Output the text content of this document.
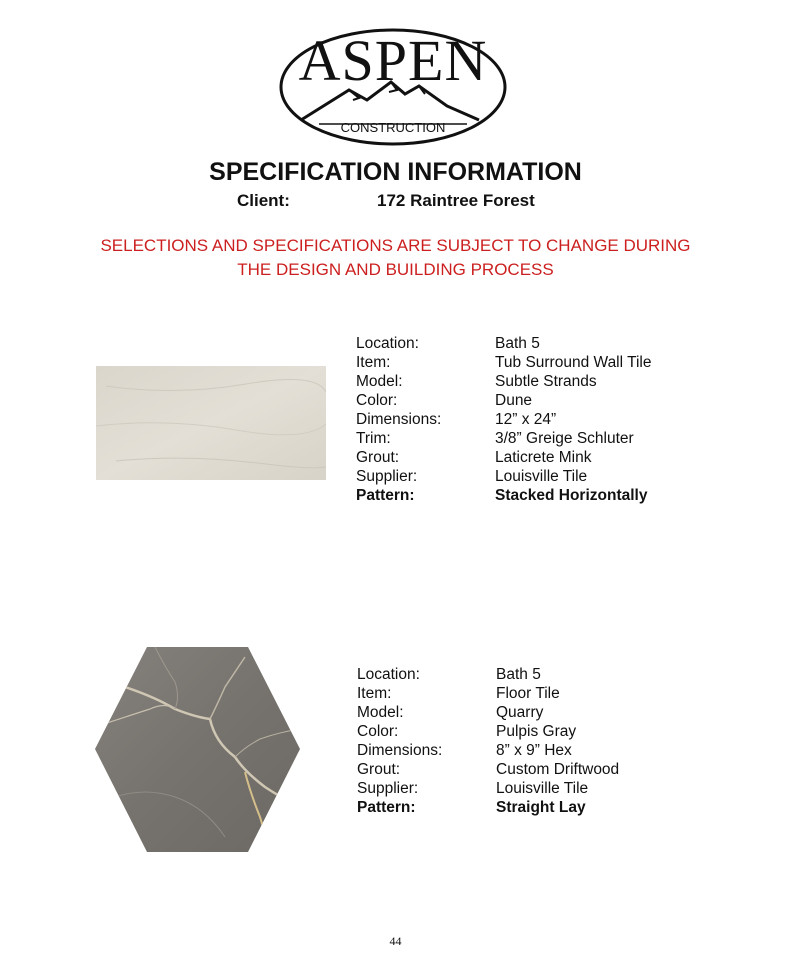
ASPEN
CONSTRUCTION
SPECIFICATION INFORMATION
Client:	172 Raintree Forest
SELECTIONS AND SPECIFICATIONS ARE SUBJECT TO CHANGE DURING
THE DESIGN AND BUILDING PROCESS
Location:	Bath 5
Item:	Tub Surround Wall Tile
Model:	Subtle Strands
Color:	Dune
Dimensions:	12” x 24”
Trim:	3/8” Greige Schluter
Grout:	Laticrete Mink
Supplier:	Louisville Tile
Pattern:	Stacked Horizontally
Location:	Bath 5
Item:	Floor Tile
Model:	Quarry
Color:	Pulpis Gray
Dimensions:	8” x 9” Hex
Grout:	Custom Driftwood
Supplier:	Louisville Tile
Pattern:	Straight Lay
44
